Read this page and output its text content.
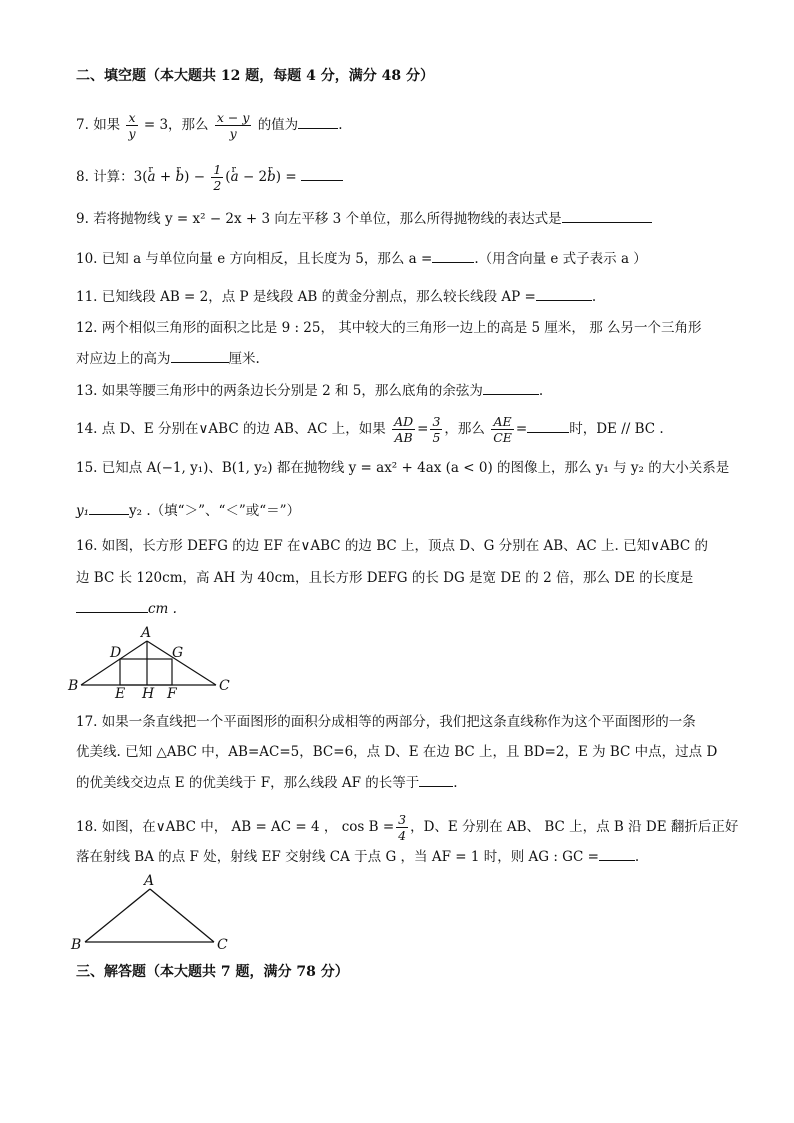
二、填空题（本大题共 12 题，每题 4 分，满分 48 分）
7. 如果 $\frac{x}{y} = 3$，那么 $\frac{x - y}{y}$ 的值为	.
8. 计算：3(r a + r $b) - \frac{1}{2} (r$ a − 2r b) =
9. 若将抛物线 y = x² − 2x + 3 向左平移 3 个单位，那么所得抛物线的表达式是
10. 已知 a 与单位向量 e 方向相反，且长度为 5，那么 a =	.（用含向量 e 式子表示 a ）
11. 已知线段 AB = 2，点 P 是线段 AB 的黄金分割点，那么较长线段 AP =	.
12. 两个相似三角形的面积之比是 9 : 25， 其中较大的三角形一边上的高是 5 厘米， 那 么另一个三角形
对应边上的高为	厘米.
13. 如果等腰三角形中的两条边长分别是 2 和 5，那么底角的余弦为	.
14. 点 D、E 分别在∨ABC 的边 AB、AC 上，如果 $\frac{AD}{AB} = \frac{3}{5}$ ，那么 $\frac{AE}{CE}$ =	时，DE // BC .
15. 已知点 A(−1, y₁)、B(1, y₂) 都在抛物线 y = ax² + 4ax (a < 0) 的图像上，那么 y₁ 与 y₂ 的大小关系是
y₁	y₂ .（填“＞”、“＜”或“＝”）
16. 如图，长方形 DEFG 的边 EF 在∨ABC 的边 BC 上，顶点 D、G 分别在 AB、AC 上. 已知∨ABC 的
边 BC 长 120cm，高 AH 为 40cm，且长方形 DEFG 的长 DG 是宽 DE 的 2 倍，那么 DE 的长度是
cm .
A
B	C
D	G
E H F
17. 如果一条直线把一个平面图形的面积分成相等的两部分，我们把这条直线称作为这个平面图形的一条
优美线. 已知 △ABC 中，AB=AC=5，BC=6，点 D、E 在边 BC 上，且 BD=2，E 为 BC 中点，过点 D
的优美线交边点 E 的优美线于 F，那么线段 AF 的长等于	.
18. 如图，在∨ABC 中， AB = AC = 4 ， $\cos B = \frac{3}{4}$ ，D、E 分别在 AB、 BC 上，点 B 沿 DE 翻折后正好
落在射线 BA 的点 F 处，射线 EF 交射线 CA 于点 G ，当 AF = 1 时，则 AG : GC =	.
A
B	C
三、解答题（本大题共 7 题，满分 78 分）
